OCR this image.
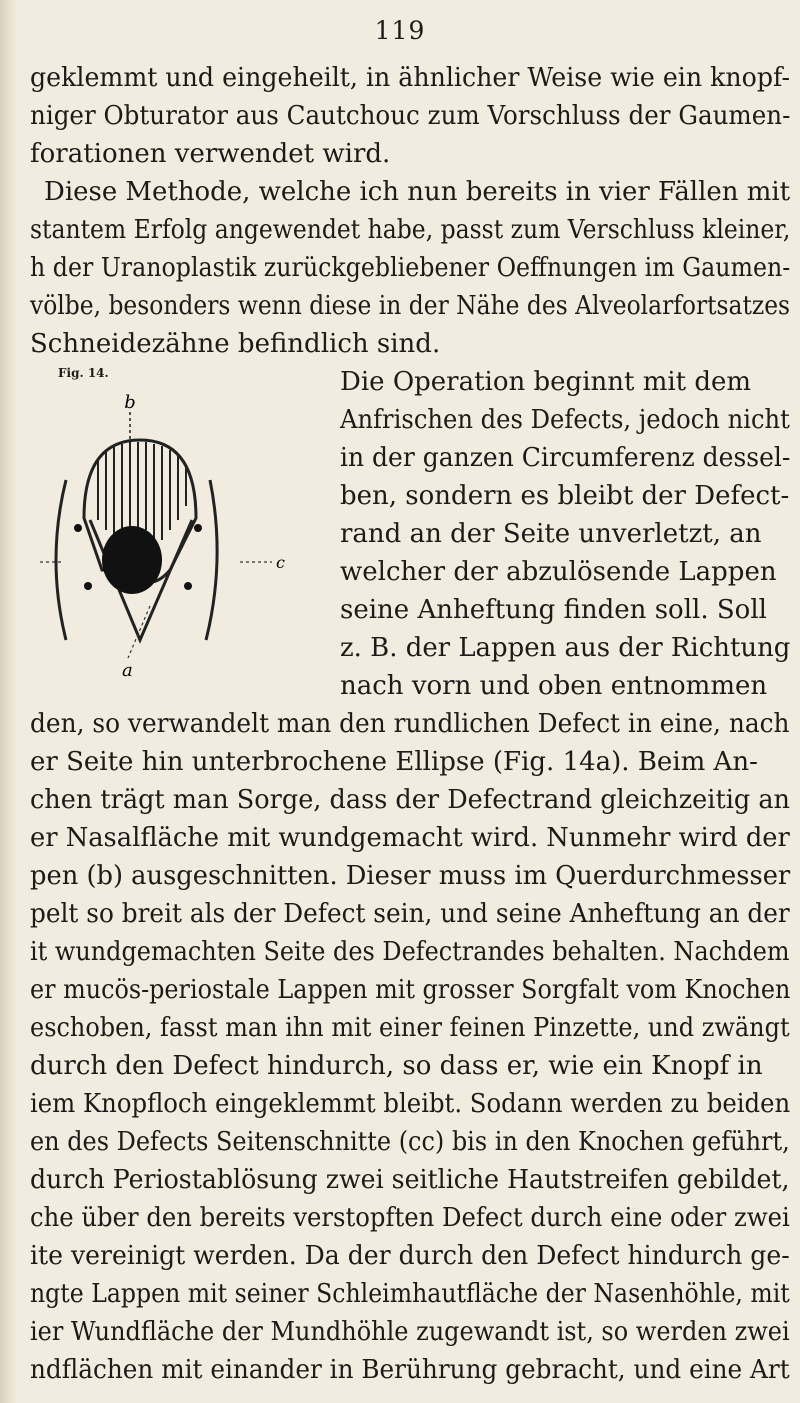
119
geklemmt und eingeheilt, in ähnlicher Weise wie ein knopf-
niger Obturator aus Cautchouc zum Vorschluss der Gaumen-
forationen verwendet wird.
Diese Methode, welche ich nun bereits in vier Fällen mit
stantem Erfolg angewendet habe, passt zum Verschluss kleiner,
h der Uranoplastik zurückgebliebener Oeffnungen im Gaumen-
völbe, besonders wenn diese in der Nähe des Alveolarfortsatzes
Schneidezähne befindlich sind.
Fig. 14.
b
c
a
Die Operation beginnt mit dem
Anfrischen des Defects, jedoch nicht
in der ganzen Circumferenz dessel-
ben, sondern es bleibt der Defect-
rand an der Seite unverletzt, an
welcher der abzulösende Lappen
seine Anheftung finden soll. Soll
z. B. der Lappen aus der Richtung
nach vorn und oben entnommen
den, so verwandelt man den rundlichen Defect in eine, nach
er Seite hin unterbrochene Ellipse (Fig. 14a). Beim An-
chen trägt man Sorge, dass der Defectrand gleichzeitig an
er Nasalfläche mit wundgemacht wird. Nunmehr wird der
pen (b) ausgeschnitten. Dieser muss im Querdurchmesser
pelt so breit als der Defect sein, und seine Anheftung an der
it wundgemachten Seite des Defectrandes behalten. Nachdem
er mucös-periostale Lappen mit grosser Sorgfalt vom Knochen
eschoben, fasst man ihn mit einer feinen Pinzette, und zwängt
durch den Defect hindurch, so dass er, wie ein Knopf in
iem Knopfloch eingeklemmt bleibt. Sodann werden zu beiden
en des Defects Seitenschnitte (cc) bis in den Knochen geführt,
durch Periostablösung zwei seitliche Hautstreifen gebildet,
che über den bereits verstopften Defect durch eine oder zwei
ite vereinigt werden. Da der durch den Defect hindurch ge-
ngte Lappen mit seiner Schleimhautfläche der Nasenhöhle, mit
ier Wundfläche der Mundhöhle zugewandt ist, so werden zwei
ndflächen mit einander in Berührung gebracht, und eine Art
